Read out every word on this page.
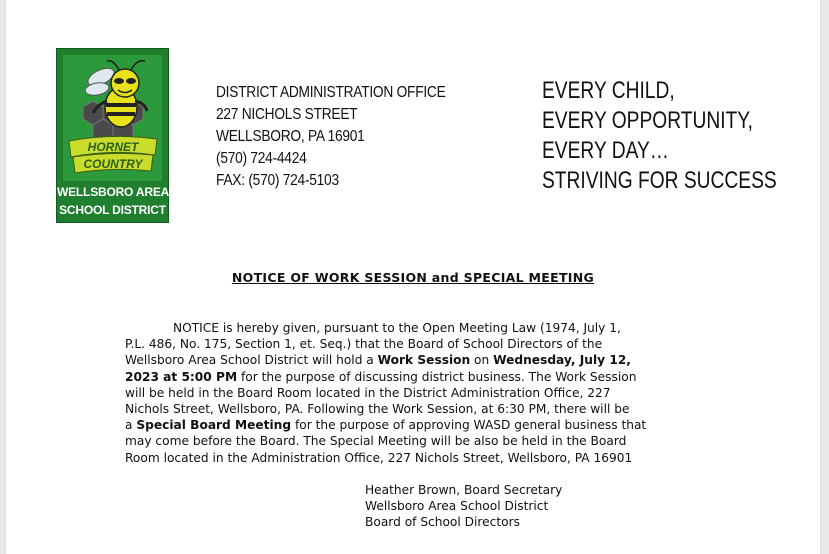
HORNET
COUNTRY
WELLSBORO AREA
SCHOOL DISTRICT
DISTRICT ADMINISTRATION OFFICE
227 NICHOLS STREET
WELLSBORO, PA 16901
(570) 724-4424
FAX: (570) 724-5103
EVERY CHILD,
EVERY OPPORTUNITY,
EVERY DAY…
STRIVING FOR SUCCESS
NOTICE OF WORK SESSION and SPECIAL MEETING
NOTICE is hereby given, pursuant to the Open Meeting Law (1974, July 1,
P.L. 486, No. 175, Section 1, et. Seq.) that the Board of School Directors of the
Wellsboro Area School District will hold a Work Session on Wednesday, July 12,
2023 at 5:00 PM for the purpose of discussing district business. The Work Session
will be held in the Board Room located in the District Administration Office, 227
Nichols Street, Wellsboro, PA. Following the Work Session, at 6:30 PM, there will be
a Special Board Meeting for the purpose of approving WASD general business that
may come before the Board. The Special Meeting will be also be held in the Board
Room located in the Administration Office, 227 Nichols Street, Wellsboro, PA 16901
Heather Brown, Board Secretary
Wellsboro Area School District
Board of School Directors
